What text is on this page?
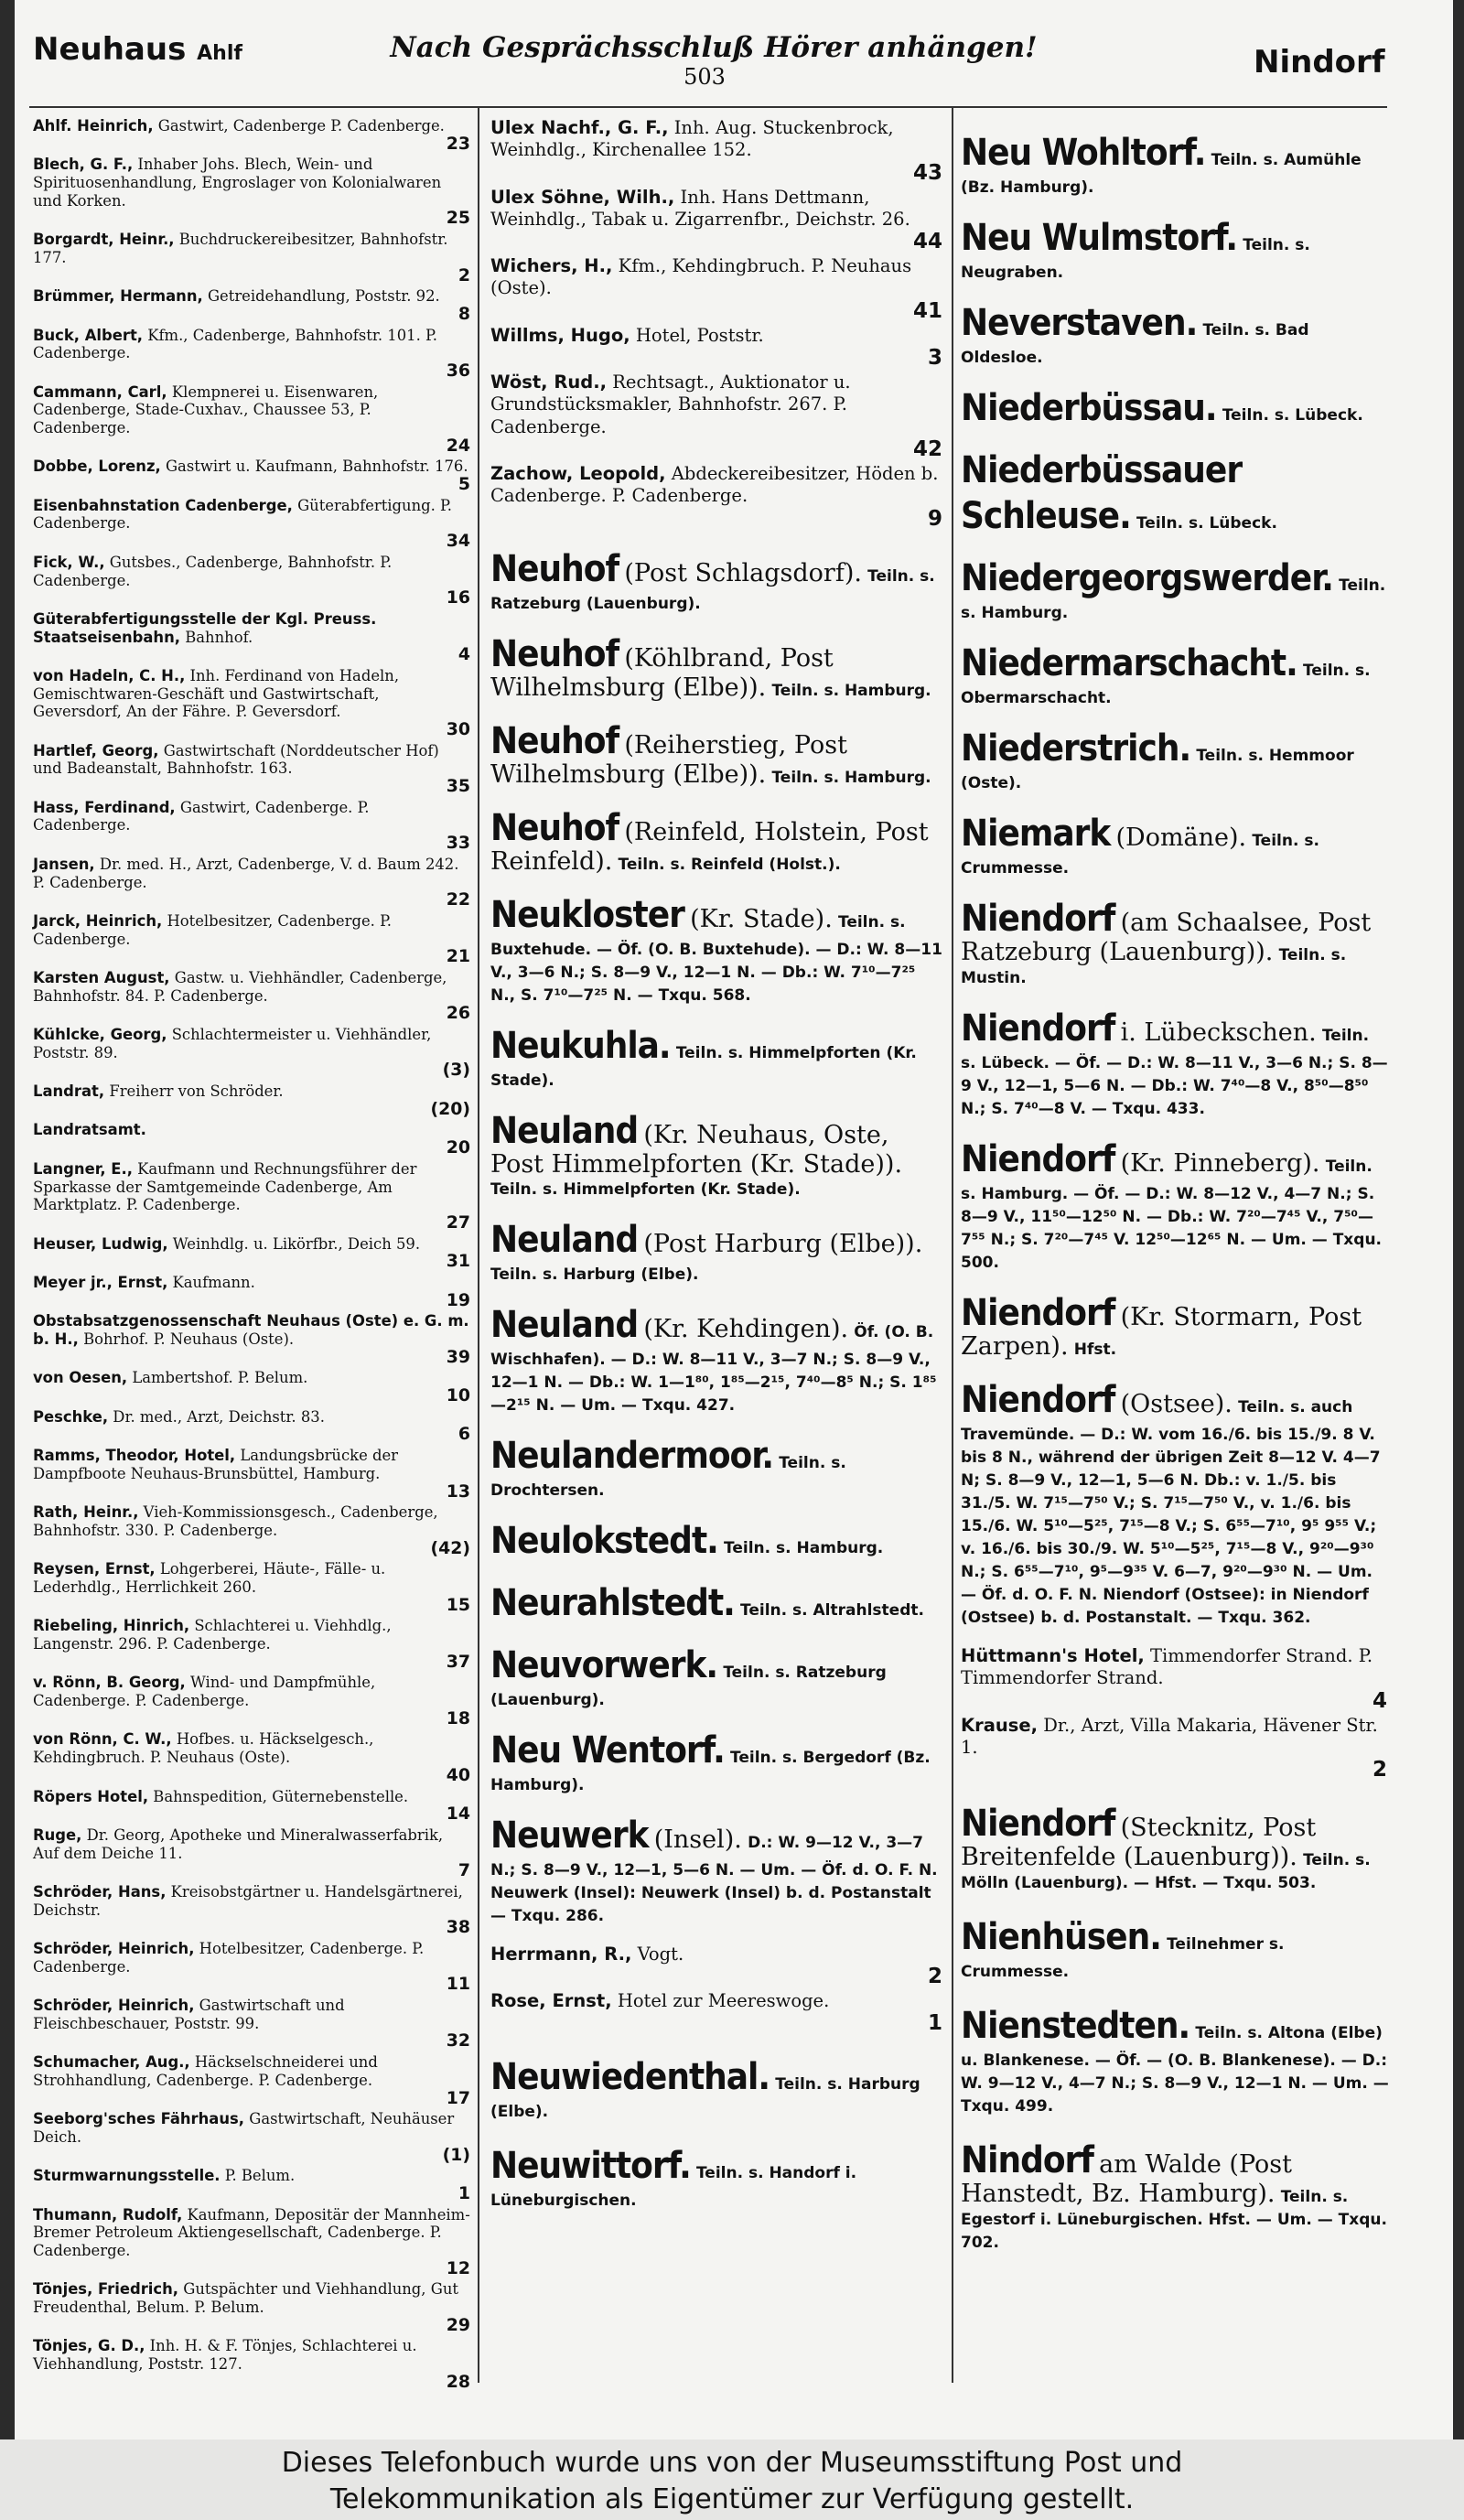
Neuhaus Ahlf	Nach Gesprächsschluß Hörer anhängen!
503	Nindorf
Ahlf. Heinrich, Gastwirt, Cadenberge P. Cadenberge.
23
Blech, G. F., Inhaber Johs. Blech, Wein- und Spirituosenhandlung, Engroslager von Kolonialwaren und Korken.
25
Borgardt, Heinr., Buchdruckereibesitzer, Bahnhofstr. 177.
2
Brümmer, Hermann, Getreidehandlung, Poststr. 92.
8
Buck, Albert, Kfm., Cadenberge, Bahnhofstr. 101. P. Cadenberge.
36
Cammann, Carl, Klempnerei u. Eisenwaren, Cadenberge, Stade-Cuxhav., Chaussee 53, P. Cadenberge.
24
Dobbe, Lorenz, Gastwirt u. Kaufmann, Bahnhofstr. 176.
5
Eisenbahnstation Cadenberge, Güterabfertigung. P. Cadenberge.
34
Fick, W., Gutsbes., Cadenberge, Bahnhofstr. P. Cadenberge.
16
Güterabfertigungsstelle der Kgl. Preuss. Staatseisenbahn, Bahnhof.
4
von Hadeln, C. H., Inh. Ferdinand von Hadeln, Gemischtwaren-Geschäft und Gastwirtschaft, Geversdorf, An der Fähre. P. Geversdorf.
30
Hartlef, Georg, Gastwirtschaft (Norddeutscher Hof) und Badeanstalt, Bahnhofstr. 163.
35
Hass, Ferdinand, Gastwirt, Cadenberge. P. Cadenberge.
33
Jansen, Dr. med. H., Arzt, Cadenberge, V. d. Baum 242. P. Cadenberge.
22
Jarck, Heinrich, Hotelbesitzer, Cadenberge. P. Cadenberge.
21
Karsten August, Gastw. u. Viehhändler, Cadenberge, Bahnhofstr. 84. P. Cadenberge.
26
Kühlcke, Georg, Schlachtermeister u. Viehhändler, Poststr. 89.
(3)
Landrat, Freiherr von Schröder.
(20)
Landratsamt.
20
Langner, E., Kaufmann und Rechnungsführer der Sparkasse der Samtgemeinde Cadenberge, Am Marktplatz. P. Cadenberge.
27
Heuser, Ludwig, Weinhdlg. u. Likörfbr., Deich 59.
31
Meyer jr., Ernst, Kaufmann.
19
Obstabsatzgenossenschaft Neuhaus (Oste) e. G. m. b. H., Bohrhof. P. Neuhaus (Oste).
39
von Oesen, Lambertshof. P. Belum.
10
Peschke, Dr. med., Arzt, Deichstr. 83.
6
Ramms, Theodor, Hotel, Landungsbrücke der Dampfboote Neuhaus-Brunsbüttel, Hamburg.
13
Rath, Heinr., Vieh-Kommissionsgesch., Cadenberge, Bahnhofstr. 330. P. Cadenberge.
(42)
Reysen, Ernst, Lohgerberei, Häute-, Fälle- u. Lederhdlg., Herrlichkeit 260.
15
Riebeling, Hinrich, Schlachterei u. Viehhdlg., Langenstr. 296. P. Cadenberge.
37
v. Rönn, B. Georg, Wind- und Dampfmühle, Cadenberge. P. Cadenberge.
18
von Rönn, C. W., Hofbes. u. Häckselgesch., Kehdingbruch. P. Neuhaus (Oste).
40
Röpers Hotel, Bahnspedition, Güternebenstelle.
14
Ruge, Dr. Georg, Apotheke und Mineralwasserfabrik, Auf dem Deiche 11.
7
Schröder, Hans, Kreisobstgärtner u. Handelsgärtnerei, Deichstr.
38
Schröder, Heinrich, Hotelbesitzer, Cadenberge. P. Cadenberge.
11
Schröder, Heinrich, Gastwirtschaft und Fleischbeschauer, Poststr. 99.
32
Schumacher, Aug., Häckselschneiderei und Strohhandlung, Cadenberge. P. Cadenberge.
17
Seeborg'sches Fährhaus, Gastwirtschaft, Neuhäuser Deich.
(1)
Sturmwarnungsstelle. P. Belum.
1
Thumann, Rudolf, Kaufmann, Depositär der Mannheim-Bremer Petroleum Aktiengesellschaft, Cadenberge. P. Cadenberge.
12
Tönjes, Friedrich, Gutspächter und Viehhandlung, Gut Freudenthal, Belum. P. Belum.
29
Tönjes, G. D., Inh. H. & F. Tönjes, Schlachterei u. Viehhandlung, Poststr. 127.
28
Ulex Nachf., G. F., Inh. Aug. Stuckenbrock, Weinhdlg., Kirchenallee 152.
43
Ulex Söhne, Wilh., Inh. Hans Dettmann, Weinhdlg., Tabak u. Zigarrenfbr., Deichstr. 26.
44
Wichers, H., Kfm., Kehdingbruch. P. Neuhaus (Oste).
41
Willms, Hugo, Hotel, Poststr.
3
Wöst, Rud., Rechtsagt., Auktionator u. Grundstücksmakler, Bahnhofstr. 267. P. Cadenberge.
42
Zachow, Leopold, Abdeckereibesitzer, Höden b. Cadenberge. P. Cadenberge.
9
Neuhof (Post Schlagsdorf). Teiln. s. Ratzeburg (Lauenburg).
Neuhof (Köhlbrand, Post Wilhelmsburg (Elbe)). Teiln. s. Hamburg.
Neuhof (Reiherstieg, Post Wilhelmsburg (Elbe)). Teiln. s. Hamburg.
Neuhof (Reinfeld, Holstein, Post Reinfeld). Teiln. s. Reinfeld (Holst.).
Neukloster (Kr. Stade). Teiln. s. Buxtehude. — Öf. (O. B. Buxtehude). — D.: W. 8—11 V., 3—6 N.; S. 8—9 V., 12—1 N. — Db.: W. 7¹⁰—7²⁵ N., S. 7¹⁰—7²⁵ N. — Txqu. 568.
Neukuhla. Teiln. s. Himmelpforten (Kr. Stade).
Neuland (Kr. Neuhaus, Oste, Post Himmelpforten (Kr. Stade)). Teiln. s. Himmelpforten (Kr. Stade).
Neuland (Post Harburg (Elbe)). Teiln. s. Harburg (Elbe).
Neuland (Kr. Kehdingen). Öf. (O. B. Wischhafen). — D.: W. 8—11 V., 3—7 N.; S. 8—9 V., 12—1 N. — Db.: W. 1—1⁸⁰, 1⁸⁵—2¹⁵, 7⁴⁰—8⁵ N.; S. 1⁸⁵—2¹⁵ N. — Um. — Txqu. 427.
Neulandermoor. Teiln. s. Drochtersen.
Neulokstedt. Teiln. s. Hamburg.
Neurahlstedt. Teiln. s. Altrahlstedt.
Neuvorwerk. Teiln. s. Ratzeburg (Lauenburg).
Neu Wentorf. Teiln. s. Bergedorf (Bz. Hamburg).
Neuwerk (Insel). D.: W. 9—12 V., 3—7 N.; S. 8—9 V., 12—1, 5—6 N. — Um. — Öf. d. O. F. N. Neuwerk (Insel): Neuwerk (Insel) b. d. Postanstalt — Txqu. 286.
Herrmann, R., Vogt.
2
Rose, Ernst, Hotel zur Meereswoge.
1
Neuwiedenthal. Teiln. s. Harburg (Elbe).
Neuwittorf. Teiln. s. Handorf i. Lüneburgischen.
Neu Wohltorf. Teiln. s. Aumühle (Bz. Hamburg).
Neu Wulmstorf. Teiln. s. Neugraben.
Neverstaven. Teiln. s. Bad Oldesloe.
Niederbüssau. Teiln. s. Lübeck.
Niederbüssauer Schleuse. Teiln. s. Lübeck.
Niedergeorgswerder. Teiln. s. Hamburg.
Niedermarschacht. Teiln. s. Obermarschacht.
Niederstrich. Teiln. s. Hemmoor (Oste).
Niemark (Domäne). Teiln. s. Crummesse.
Niendorf (am Schaalsee, Post Ratzeburg (Lauenburg)). Teiln. s. Mustin.
Niendorf i. Lübeckschen. Teiln. s. Lübeck. — Öf. — D.: W. 8—11 V., 3—6 N.; S. 8—9 V., 12—1, 5—6 N. — Db.: W. 7⁴⁰—8 V., 8⁵⁰—8⁵⁰ N.; S. 7⁴⁰—8 V. — Txqu. 433.
Niendorf (Kr. Pinneberg). Teiln. s. Hamburg. — Öf. — D.: W. 8—12 V., 4—7 N.; S. 8—9 V., 11⁵⁰—12⁵⁰ N. — Db.: W. 7²⁰—7⁴⁵ V., 7⁵⁰—7⁵⁵ N.; S. 7²⁰—7⁴⁵ V. 12⁵⁰—12⁶⁵ N. — Um. — Txqu. 500.
Niendorf (Kr. Stormarn, Post Zarpen). Hfst.
Niendorf (Ostsee). Teiln. s. auch Travemünde. — D.: W. vom 16./6. bis 15./9. 8 V. bis 8 N., während der übrigen Zeit 8—12 V. 4—7 N; S. 8—9 V., 12—1, 5—6 N. Db.: v. 1./5. bis 31./5. W. 7¹⁵—7⁵⁰ V.; S. 7¹⁵—7⁵⁰ V., v. 1./6. bis 15./6. W. 5¹⁰—5²⁵, 7¹⁵—8 V.; S. 6⁵⁵—7¹⁰, 9⁵ 9⁵⁵ V.; v. 16./6. bis 30./9. W. 5¹⁰—5²⁵, 7¹⁵—8 V., 9²⁰—9³⁰ N.; S. 6⁵⁵—7¹⁰, 9⁵—9³⁵ V. 6—7, 9²⁰—9³⁰ N. — Um. — Öf. d. O. F. N. Niendorf (Ostsee): in Niendorf (Ostsee) b. d. Postanstalt. — Txqu. 362.
Hüttmann's Hotel, Timmendorfer Strand. P. Timmendorfer Strand.
4
Krause, Dr., Arzt, Villa Makaria, Hävener Str. 1.
2
Niendorf (Stecknitz, Post Breitenfelde (Lauenburg)). Teiln. s. Mölln (Lauenburg). — Hfst. — Txqu. 503.
Nienhüsen. Teilnehmer s. Crummesse.
Nienstedten. Teiln. s. Altona (Elbe) u. Blankenese. — Öf. — (O. B. Blankenese). — D.: W. 9—12 V., 4—7 N.; S. 8—9 V., 12—1 N. — Um. — Txqu. 499.
Nindorf am Walde (Post Hanstedt, Bz. Hamburg). Teiln. s. Egestorf i. Lüneburgischen. Hfst. — Um. — Txqu. 702.
Dieses Telefonbuch wurde uns von der Museumsstiftung Post und
Telekommunikation als Eigentümer zur Verfügung gestellt.
